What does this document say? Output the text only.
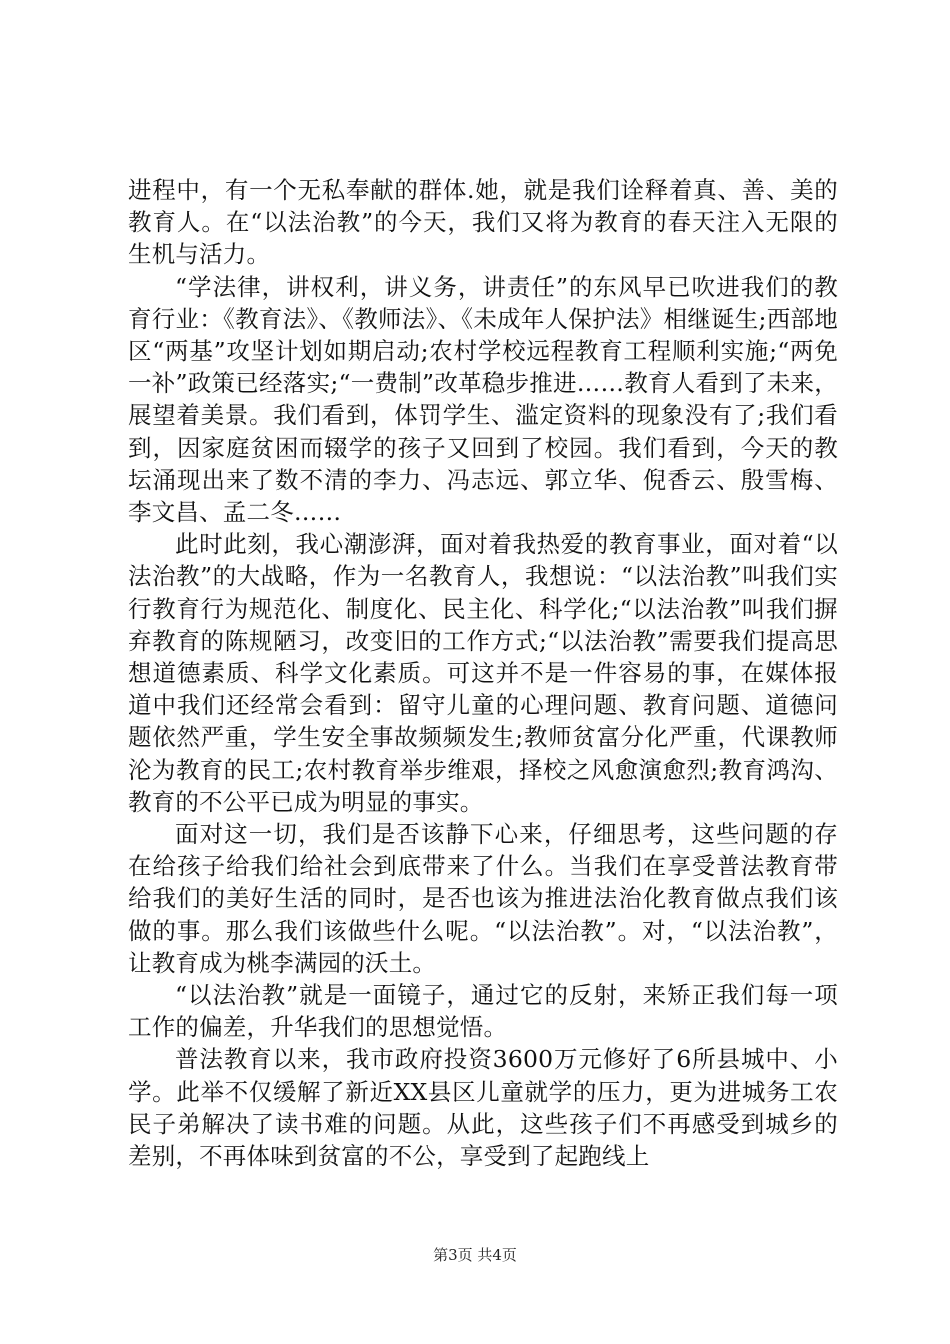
进程中，有一个无私奉献的群体.她，就是我们诠释着真、善、美的教育人。在“以法治教”的今天，我们又将为教育的春天注入无限的生机与活力。

“学法律，讲权利，讲义务，讲责任”的东风早已吹进我们的教育行业：《教育法》、《教师法》、《未成年人保护法》相继诞生;西部地区“两基”攻坚计划如期启动;农村学校远程教育工程顺利实施;“两免一补”政策已经落实;“一费制”改革稳步推进……教育人看到了未来，展望着美景。我们看到，体罚学生、滥定资料的现象没有了;我们看到，因家庭贫困而辍学的孩子又回到了校园。我们看到，今天的教坛涌现出来了数不清的李力、冯志远、郭立华、倪香云、殷雪梅、李文昌、孟二冬……

此时此刻，我心潮澎湃，面对着我热爱的教育事业，面对着“以法治教”的大战略，作为一名教育人，我想说：“以法治教”叫我们实行教育行为规范化、制度化、民主化、科学化;“以法治教”叫我们摒弃教育的陈规陋习，改变旧的工作方式;“以法治教”需要我们提高思想道德素质、科学文化素质。可这并不是一件容易的事，在媒体报道中我们还经常会看到：留守儿童的心理问题、教育问题、道德问题依然严重，学生安全事故频频发生;教师贫富分化严重，代课教师沦为教育的民工;农村教育举步维艰，择校之风愈演愈烈;教育鸿沟、教育的不公平已成为明显的事实。

面对这一切，我们是否该静下心来，仔细思考，这些问题的存在给孩子给我们给社会到底带来了什么。当我们在享受普法教育带给我们的美好生活的同时，是否也该为推进法治化教育做点我们该做的事。那么我们该做些什么呢。“以法治教”。对，“以法治教”，让教育成为桃李满园的沃土。

“以法治教”就是一面镜子，通过它的反射，来矫正我们每一项工作的偏差，升华我们的思想觉悟。

普法教育以来，我市政府投资3600万元修好了6所县城中、小学。此举不仅缓解了新近XX县区儿童就学的压力，更为进城务工农民子弟解决了读书难的问题。从此，这些孩子们不再感受到城乡的差别，不再体味到贫富的不公，享受到了起跑线上

第3页 共4页
